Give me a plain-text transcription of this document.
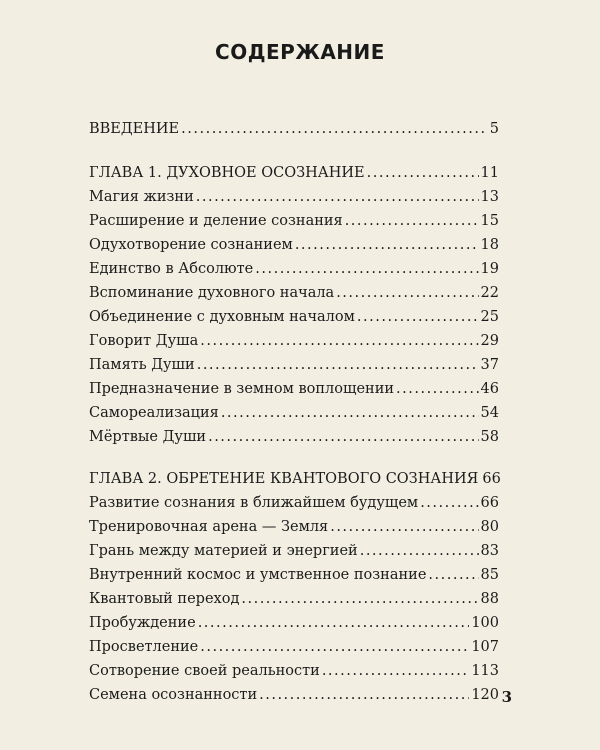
СОДЕРЖАНИЕ
ВВЕДЕНИЕ .....	5
ГЛАВА 1. ДУХОВНОЕ ОСОЗНАНИЕ .....	11
Магия жизни .....	13
Расширение и деление сознания .....	15
Одухотворение сознанием .....	18
Единство в Абсолюте .....	19
Вспоминание духовного начала .....	22
Объединение с духовным началом .....	25
Говорит Душа .....	29
Память Души .....	37
Предназначение в земном воплощении .....	46
Самореализация .....	54
Мёртвые Души .....	58
ГЛАВА 2. ОБРЕТЕНИЕ КВАНТОВОГО СОЗНАНИЯ 66
Развитие сознания в ближайшем будущем .....	66
Тренировочная арена — Земля .....	80
Грань между материей и энергией .....	83
Внутренний космос и умственное познание .....	85
Квантовый переход .....	88
Пробуждение .....	100
Просветление .....	107
Сотворение своей реальности .....	113
Семена осознанности .....	120 3
